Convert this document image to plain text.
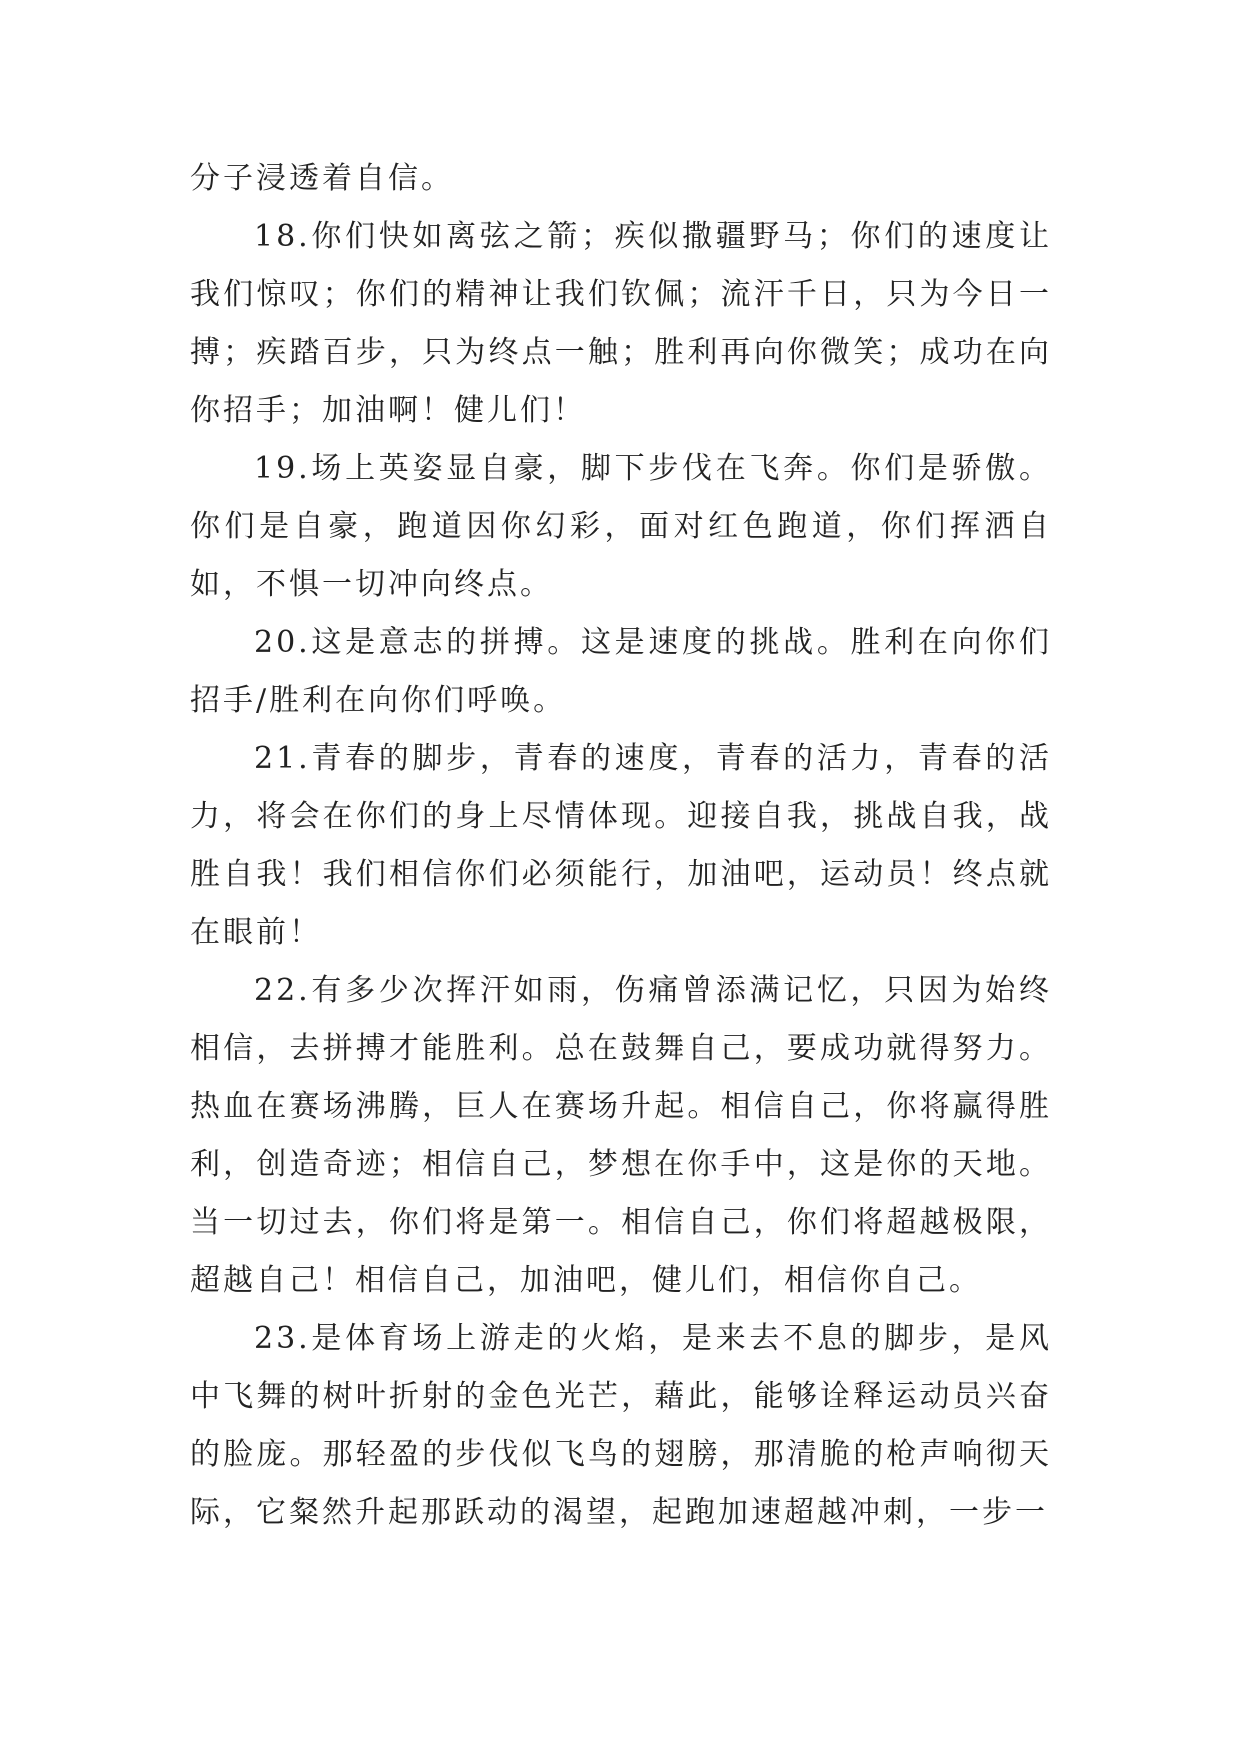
分子浸透着自信。

18.你们快如离弦之箭；疾似撒疆野马；你们的速度让我们惊叹；你们的精神让我们钦佩；流汗千日，只为今日一搏；疾踏百步，只为终点一触；胜利再向你微笑；成功在向你招手；加油啊！健儿们！

19.场上英姿显自豪，脚下步伐在飞奔。你们是骄傲。你们是自豪，跑道因你幻彩，面对红色跑道，你们挥洒自如，不惧一切冲向终点。

20.这是意志的拼搏。这是速度的挑战。胜利在向你们招手/胜利在向你们呼唤。

21.青春的脚步，青春的速度，青春的活力，青春的活力，将会在你们的身上尽情体现。迎接自我，挑战自我，战胜自我！我们相信你们必须能行，加油吧，运动员！终点就在眼前！

22.有多少次挥汗如雨，伤痛曾添满记忆，只因为始终相信，去拼搏才能胜利。总在鼓舞自己，要成功就得努力。热血在赛场沸腾，巨人在赛场升起。相信自己，你将赢得胜利，创造奇迹；相信自己，梦想在你手中，这是你的天地。当一切过去，你们将是第一。相信自己，你们将超越极限，超越自己！相信自己，加油吧，健儿们，相信你自己。

23.是体育场上游走的火焰，是来去不息的脚步，是风中飞舞的树叶折射的金色光芒，藉此，能够诠释运动员兴奋的脸庞。那轻盈的步伐似飞鸟的翅膀，那清脆的枪声响彻天际，它粲然升起那跃动的渴望，起跑加速超越冲刺，一步一
